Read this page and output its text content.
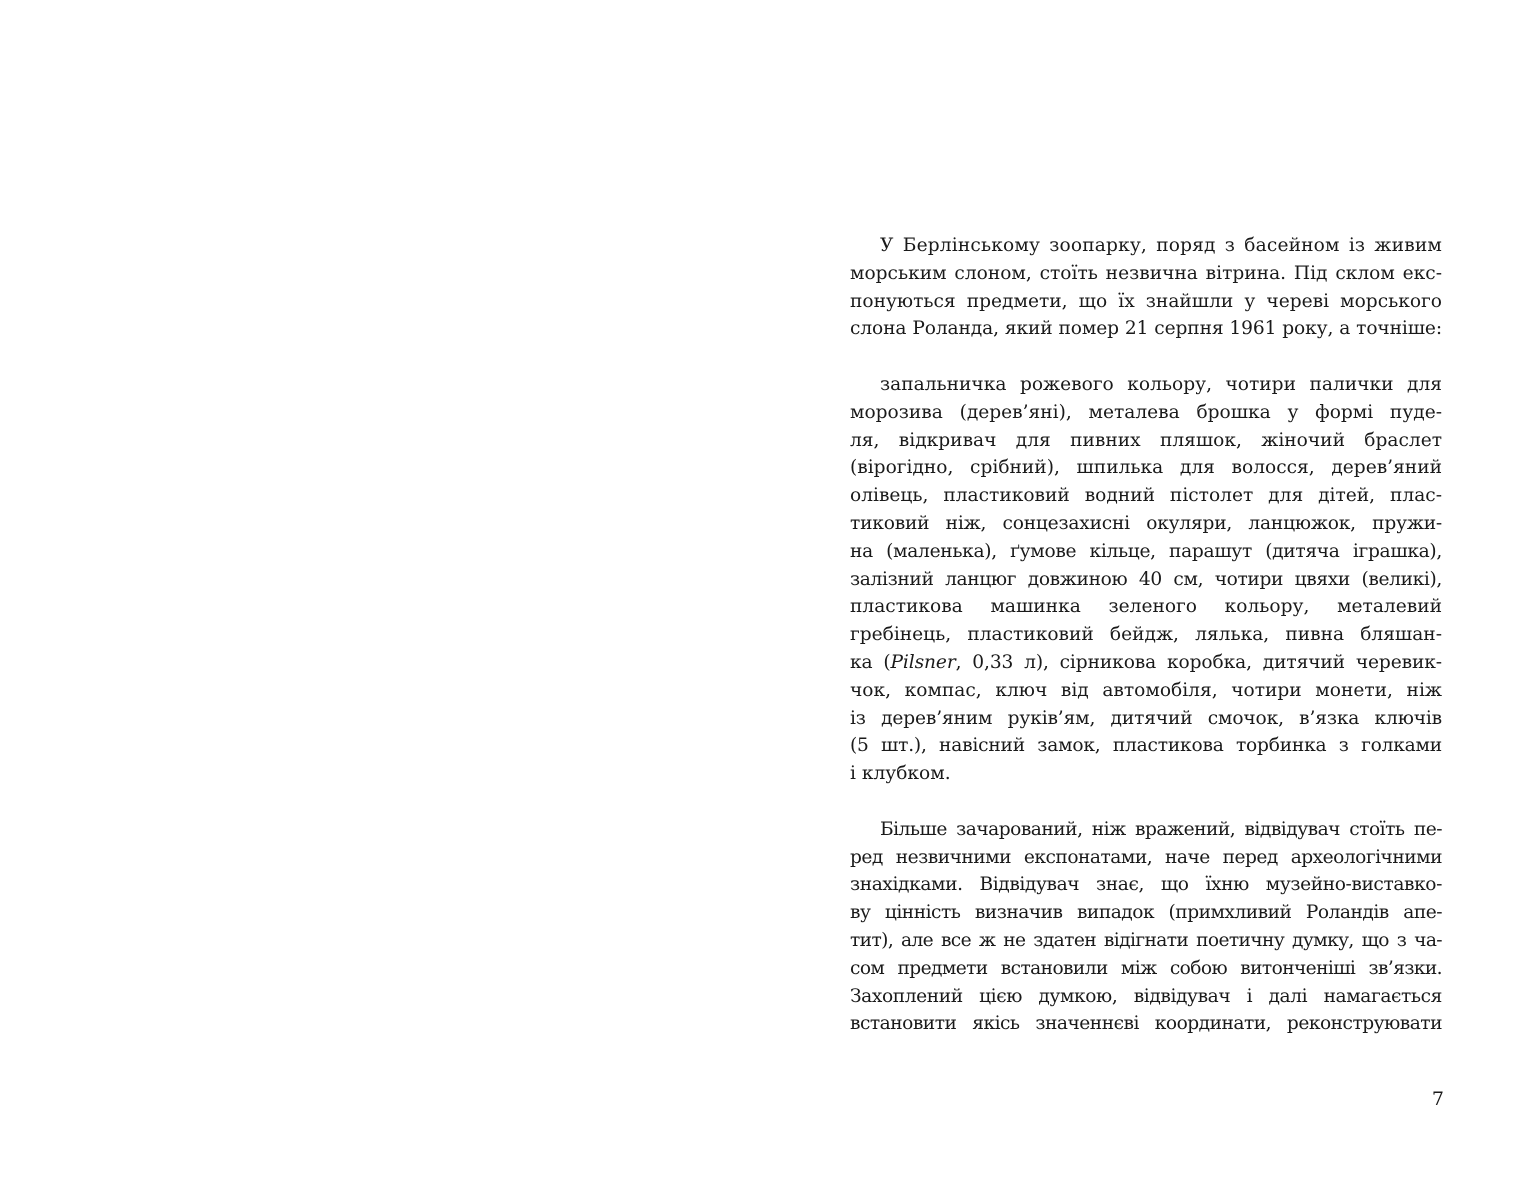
У Берлінському зоопарку, поряд з басейном із живим
морським слоном, стоїть незвична вітрина. Під склом екс-
понуються предмети, що їх знайшли у череві морського
слона Роланда, який помер 21 серпня 1961 року, а точніше:
запальничка рожевого кольору, чотири палички для
морозива (дерев’яні), металева брошка у формі пуде-
ля, відкривач для пивних пляшок, жіночий браслет
(вірогідно, срібний), шпилька для волосся, дерев’яний
олівець, пластиковий водний пістолет для дітей, плас-
тиковий ніж, сонцезахисні окуляри, ланцюжок, пружи-
на (маленька), ґумове кільце, парашут (дитяча іграшка),
залізний ланцюг довжиною 40 см, чотири цвяхи (великі),
пластикова машинка зеленого кольору, металевий
гребінець, пластиковий бейдж, лялька, пивна бляшан-
ка (Pilsner, 0,33 л), сірникова коробка, дитячий черевик-
чок, компас, ключ від автомобіля, чотири монети, ніж
із дерев’яним руків’ям, дитячий смочок, в’язка ключів
(5 шт.), навісний замок, пластикова торбинка з голками
і клубком.
Більше зачарований, ніж вражений, відвідувач стоїть пе-
ред незвичними експонатами, наче перед археологічними
знахідками. Відвідувач знає, що їхню музейно-виставко-
ву цінність визначив випадок (примхливий Роландів апе-
тит), але все ж не здатен відігнати поетичну думку, що з ча-
сом предмети встановили між собою витонченіші зв’язки.
Захоплений цією думкою, відвідувач і далі намагається
встановити якісь значеннєві координати, реконструювати
7
